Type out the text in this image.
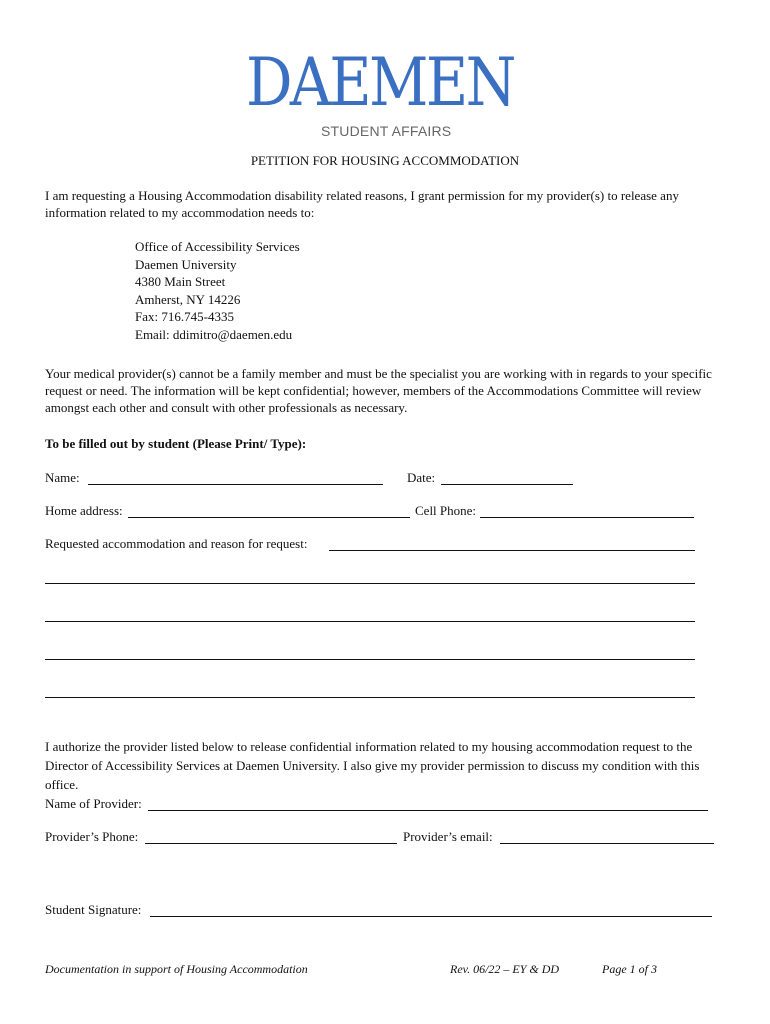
DAEMEN
STUDENT AFFAIRS
PETITION FOR HOUSING ACCOMMODATION
I am requesting a Housing Accommodation disability related reasons, I grant permission for my provider(s) to release any information related to my accommodation needs to:
Office of Accessibility Services
Daemen University
4380 Main Street
Amherst, NY 14226
Fax: 716.745-4335
Email: ddimitro@daemen.edu
Your medical provider(s) cannot be a family member and must be the specialist you are working with in regards to your specific request or need. The information will be kept confidential; however, members of the Accommodations Committee will review amongst each other and consult with other professionals as necessary.
To be filled out by student (Please Print/ Type):
Name:	Date:
Home address:	Cell Phone:
Requested accommodation and reason for request:
I authorize the provider listed below to release confidential information related to my housing accommodation request to the Director of Accessibility Services at Daemen University. I also give my provider permission to discuss my condition with this office.
Name of Provider:
Provider’s Phone:	Provider’s email:
Student Signature:
Documentation in support of Housing Accommodation	Rev. 06/22 – EY & DD	Page 1 of 3
